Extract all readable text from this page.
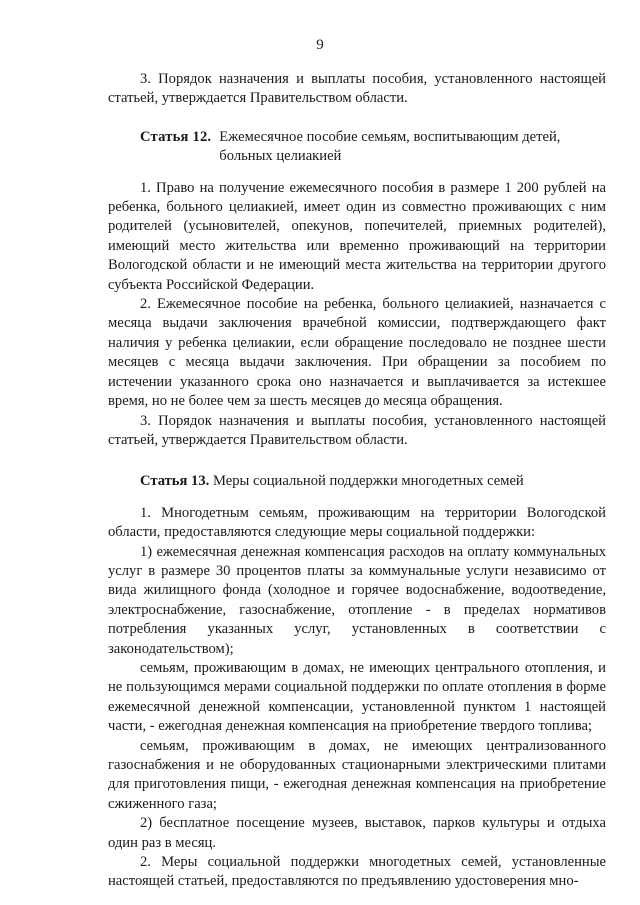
9

3. Порядок назначения и выплаты пособия, установленного настоящей статьей, утверждается Правительством области.

Статья 12. Ежемесячное пособие семьям, воспитывающим детей, больных целиакией

1. Право на получение ежемесячного пособия в размере 1 200 рублей на ребенка, больного целиакией, имеет один из совместно проживающих с ним родителей (усыновителей, опекунов, попечителей, приемных родителей), имеющий место жительства или временно проживающий на территории Вологодской области и не имеющий места жительства на территории другого субъекта Российской Федерации.

2. Ежемесячное пособие на ребенка, больного целиакией, назначается с месяца выдачи заключения врачебной комиссии, подтверждающего факт наличия у ребенка целиакии, если обращение последовало не позднее шести месяцев с месяца выдачи заключения. При обращении за пособием по истечении указанного срока оно назначается и выплачивается за истекшее время, но не более чем за шесть месяцев до месяца обращения.

3. Порядок назначения и выплаты пособия, установленного настоящей статьей, утверждается Правительством области.

Статья 13. Меры социальной поддержки многодетных семей

1. Многодетным семьям, проживающим на территории Вологодской области, предоставляются следующие меры социальной поддержки:

1) ежемесячная денежная компенсация расходов на оплату коммунальных услуг в размере 30 процентов платы за коммунальные услуги независимо от вида жилищного фонда (холодное и горячее водоснабжение, водоотведение, электроснабжение, газоснабжение, отопление - в пределах нормативов потребления указанных услуг, установленных в соответствии с законодательством);

семьям, проживающим в домах, не имеющих центрального отопления, и не пользующимся мерами социальной поддержки по оплате отопления в форме ежемесячной денежной компенсации, установленной пунктом 1 настоящей части, - ежегодная денежная компенсация на приобретение твердого топлива;

семьям, проживающим в домах, не имеющих централизованного газоснабжения и не оборудованных стационарными электрическими плитами для приготовления пищи, - ежегодная денежная компенсация на приобретение сжиженного газа;

2) бесплатное посещение музеев, выставок, парков культуры и отдыха один раз в месяц.

2. Меры социальной поддержки многодетных семей, установленные настоящей статьей, предоставляются по предъявлению удостоверения мно-
